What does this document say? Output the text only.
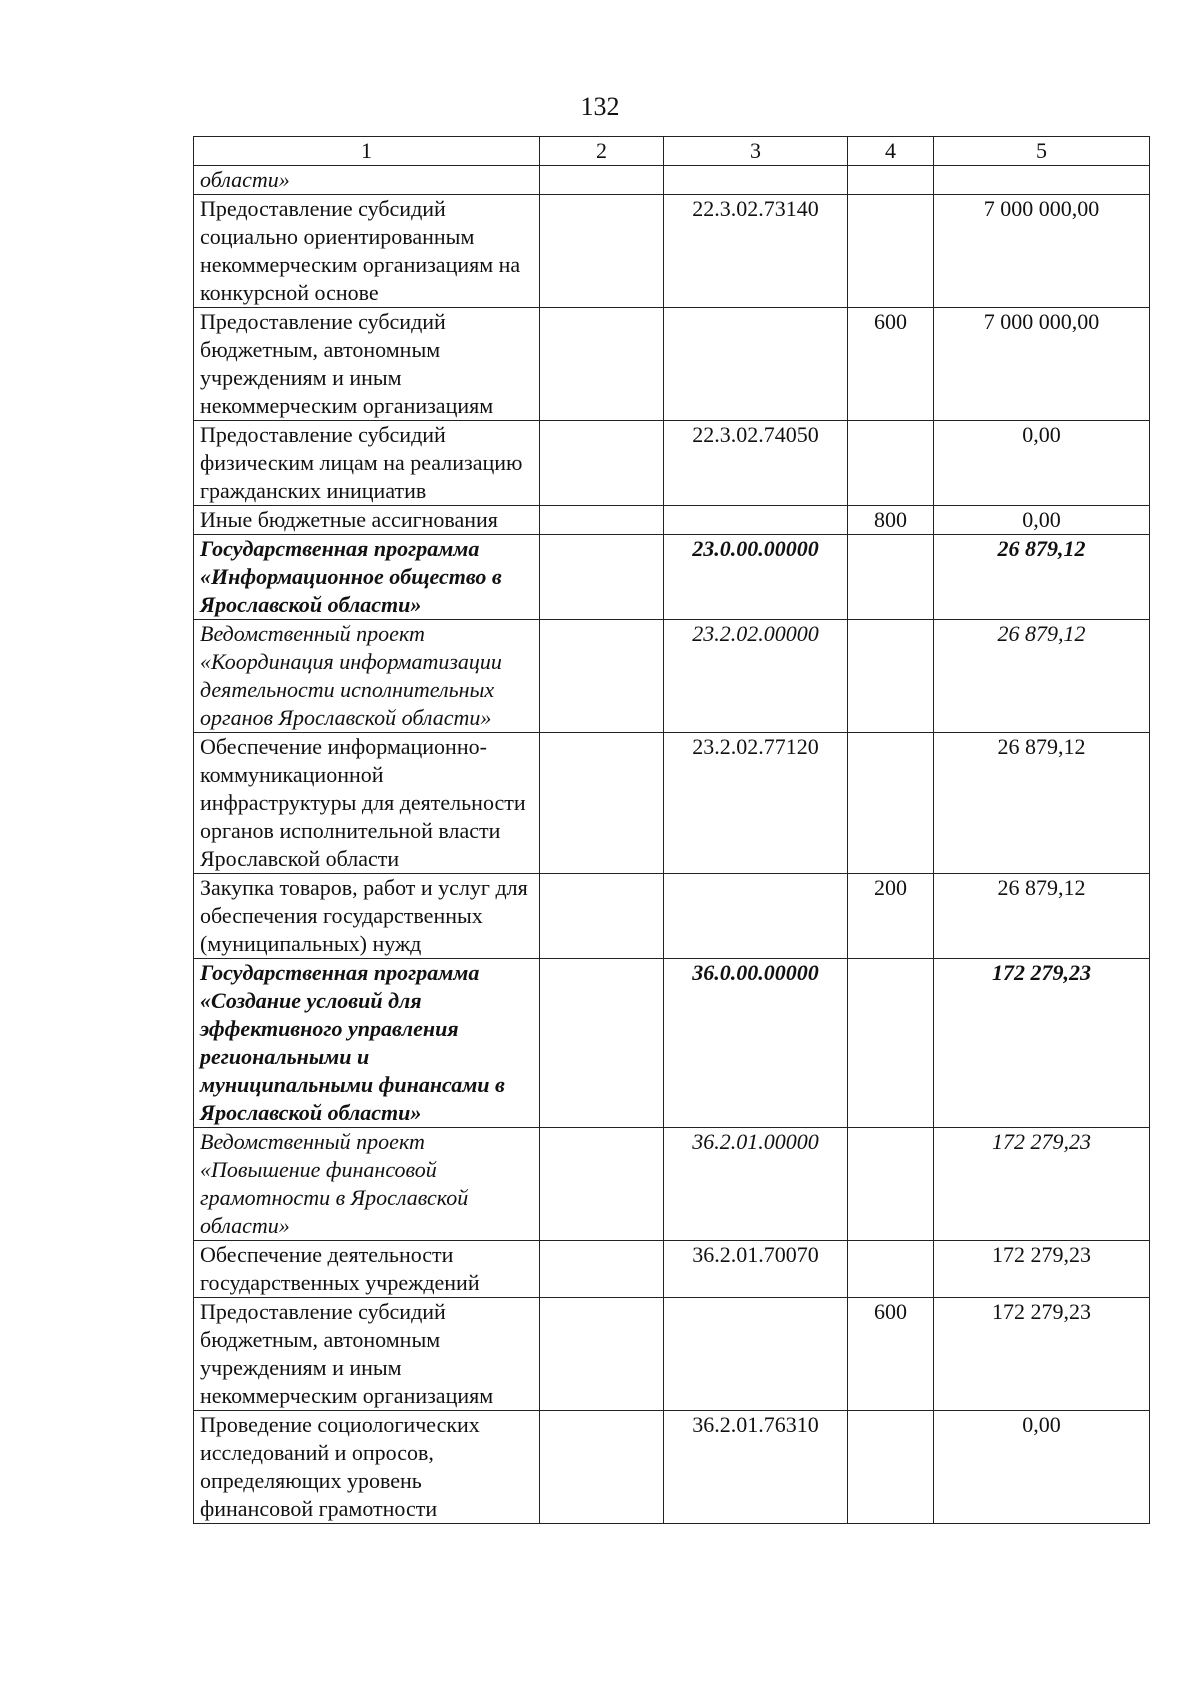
132
1	2	3	4	5
области»				
Предоставление субсидий социально ориентированным некоммерческим организациям на конкурсной основе		22.3.02.73140		7 000 000,00
Предоставление субсидий бюджетным, автономным учреждениям и иным некоммерческим организациям			600	7 000 000,00
Предоставление субсидий физическим лицам на реализацию гражданских инициатив		22.3.02.74050		0,00
Иные бюджетные ассигнования			800	0,00
Государственная программа «Информационное общество в Ярославской области»		23.0.00.00000		26 879,12
Ведомственный проект «Координация информатизации деятельности исполнительных органов Ярославской области»		23.2.02.00000		26 879,12
Обеспечение информационно-коммуникационной инфраструктуры для деятельности органов исполнительной власти Ярославской области		23.2.02.77120		26 879,12
Закупка товаров, работ и услуг для обеспечения государственных (муниципальных) нужд			200	26 879,12
Государственная программа «Создание условий для эффективного управления региональными и муниципальными финансами в Ярославской области»		36.0.00.00000		172 279,23
Ведомственный проект «Повышение финансовой грамотности в Ярославской области»		36.2.01.00000		172 279,23
Обеспечение деятельности государственных учреждений		36.2.01.70070		172 279,23
Предоставление субсидий бюджетным, автономным учреждениям и иным некоммерческим организациям			600	172 279,23
Проведение социологических исследований и опросов, определяющих уровень финансовой грамотности		36.2.01.76310		0,00
